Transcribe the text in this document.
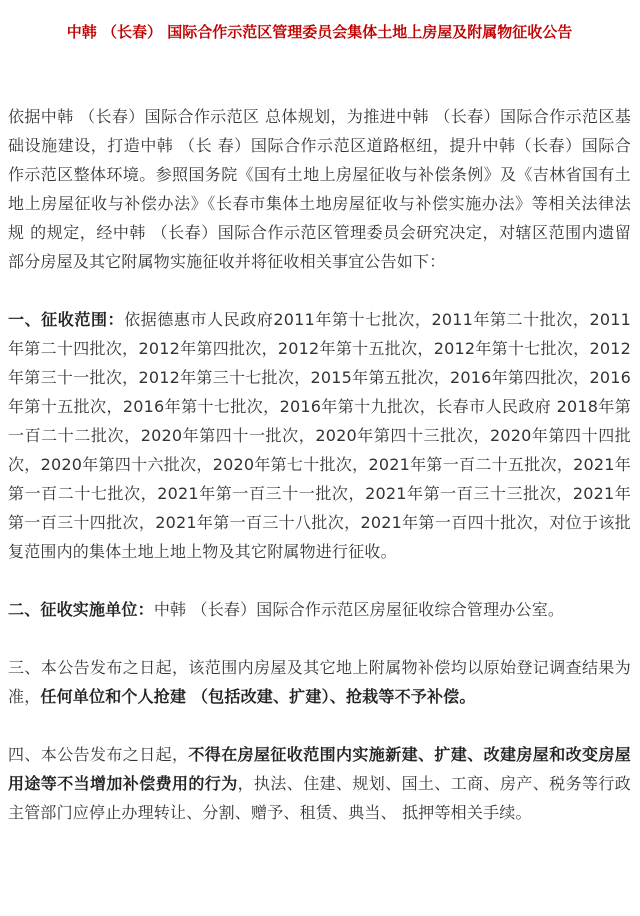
中韩 （长春） 国际合作示范区管理委员会集体土地上房屋及附属物征收公告

依据中韩 （长春）国际合作示范区 总体规划，为推进中韩 （长春）国际合作示范区基础设施建设，打造中韩 （长 春）国际合作示范区道路枢纽，提升中韩（长春）国际合作示范区整体环境。参照国务院《国有土地上房屋征收与补偿条例》及《吉林省国有土地上房屋征收与补偿办法》《长春市集体土地房屋征收与补偿实施办法》等相关法律法规 的规定，经中韩 （长春）国际合作示范区管理委员会研究决定，对辖区范围内遗留部分房屋及其它附属物实施征收并将征收相关事宜公告如下：

一、征收范围：依据德惠市人民政府2011年第十七批次，2011年第二十批次，2011年第二十四批次，2012年第四批次，2012年第十五批次，2012年第十七批次，2012年第三十一批次，2012年第三十七批次，2015年第五批次，2016年第四批次，2016年第十五批次，2016年第十七批次，2016年第十九批次，长春市人民政府 2018年第一百二十二批次，2020年第四十一批次，2020年第四十三批次，2020年第四十四批次，2020年第四十六批次，2020年第七十批次，2021年第一百二十五批次，2021年第一百二十七批次，2021年第一百三十一批次，2021年第一百三十三批次，2021年第一百三十四批次，2021年第一百三十八批次，2021年第一百四十批次，对位于该批复范围内的集体土地上地上物及其它附属物进行征收。

二、征收实施单位：中韩 （长春）国际合作示范区房屋征收综合管理办公室。

三、本公告发布之日起，该范围内房屋及其它地上附属物补偿均以原始登记调查结果为准，任何单位和个人抢建 （包括改建、扩建）、抢栽等不予补偿。

四、本公告发布之日起，不得在房屋征收范围内实施新建、扩建、改建房屋和改变房屋用途等不当增加补偿费用的行为，执法、住建、规划、国土、工商、房产、税务等行政主管部门应停止办理转让、分割、赠予、租赁、典当、 抵押等相关手续。
